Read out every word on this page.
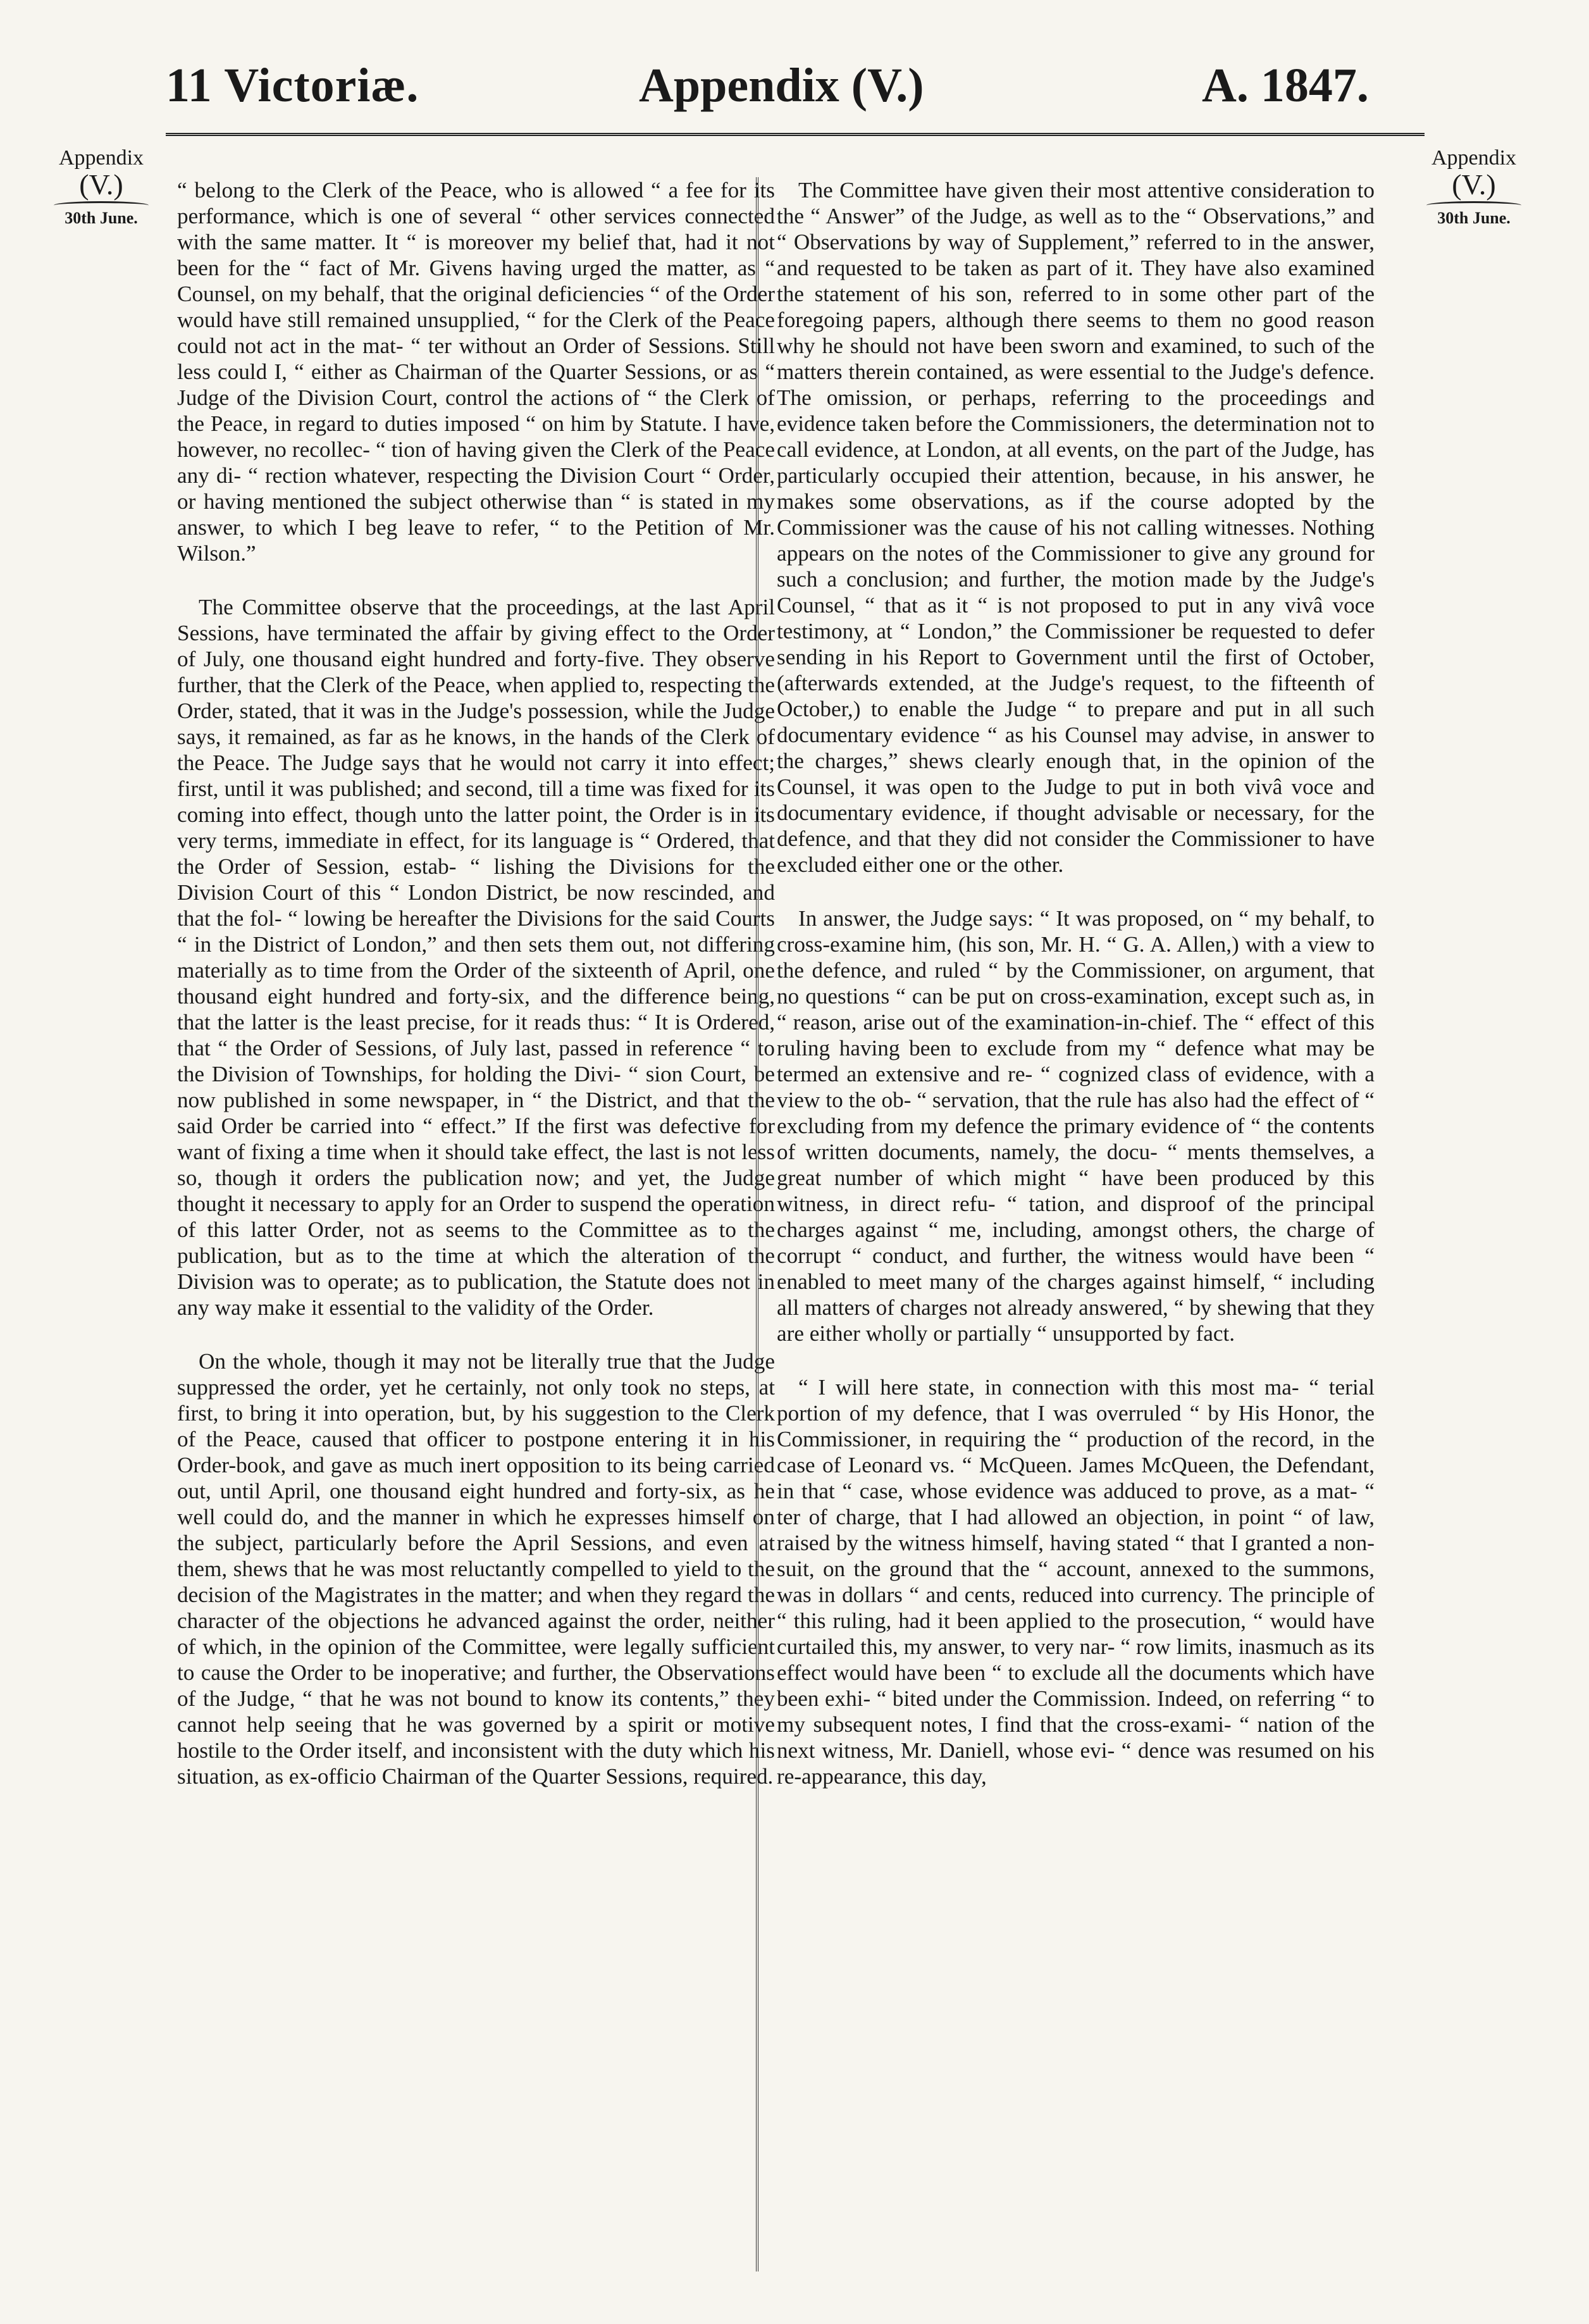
11 Victoriæ.	Appendix (V.)	A. 1847.
Appendix
(V.)
30th June.
Appendix
(V.)
30th June.

“ belong to the Clerk of the Peace, who is allowed “ a fee for its performance, which is one of several “ other services connected with the same matter. It “ is moreover my belief that, had it not been for the “ fact of Mr. Givens having urged the matter, as “ Counsel, on my behalf, that the original deficiencies “ of the Order would have still remained unsupplied, “ for the Clerk of the Peace could not act in the mat- “ ter without an Order of Sessions. Still less could I, “ either as Chairman of the Quarter Sessions, or as “ Judge of the Division Court, control the actions of “ the Clerk of the Peace, in regard to duties imposed “ on him by Statute. I have, however, no recollec- “ tion of having given the Clerk of the Peace any di- “ rection whatever, respecting the Division Court “ Order, or having mentioned the subject otherwise than “ is stated in my answer, to which I beg leave to refer, “ to the Petition of Mr. Wilson.”

The Committee observe that the proceedings, at the last April Sessions, have terminated the affair by giving effect to the Order of July, one thousand eight hundred and forty-five. They observe further, that the Clerk of the Peace, when applied to, respecting the Order, stated, that it was in the Judge's possession, while the Judge says, it remained, as far as he knows, in the hands of the Clerk of the Peace. The Judge says that he would not carry it into effect; first, until it was published; and second, till a time was fixed for its coming into effect, though unto the latter point, the Order is in its very terms, immediate in effect, for its language is “ Ordered, that the Order of Session, estab- “ lishing the Divisions for the Division Court of this “ London District, be now rescinded, and that the fol- “ lowing be hereafter the Divisions for the said Courts “ in the District of London,” and then sets them out, not differing materially as to time from the Order of the sixteenth of April, one thousand eight hundred and forty-six, and the difference being, that the latter is the least precise, for it reads thus: “ It is Ordered, that “ the Order of Sessions, of July last, passed in reference “ to the Division of Townships, for holding the Divi- “ sion Court, be now published in some newspaper, in “ the District, and that the said Order be carried into “ effect.” If the first was defective for want of fixing a time when it should take effect, the last is not less so, though it orders the publication now; and yet, the Judge thought it necessary to apply for an Order to suspend the operation of this latter Order, not as seems to the Committee as to the publication, but as to the time at which the alteration of the Division was to operate; as to publication, the Statute does not in any way make it essential to the validity of the Order.

On the whole, though it may not be literally true that the Judge suppressed the order, yet he certainly, not only took no steps, at first, to bring it into operation, but, by his suggestion to the Clerk of the Peace, caused that officer to postpone entering it in his Order-book, and gave as much inert opposition to its being carried out, until April, one thousand eight hundred and forty-six, as he well could do, and the manner in which he expresses himself on the subject, particularly before the April Sessions, and even at them, shews that he was most reluctantly compelled to yield to the decision of the Magistrates in the matter; and when they regard the character of the objections he advanced against the order, neither of which, in the opinion of the Committee, were legally sufficient to cause the Order to be inoperative; and further, the Observations of the Judge, “ that he was not bound to know its contents,” they cannot help seeing that he was governed by a spirit or motive hostile to the Order itself, and inconsistent with the duty which his situation, as ex-officio Chairman of the Quarter Sessions, required.

The Committee have given their most attentive consideration to the “ Answer” of the Judge, as well as to the “ Observations,” and “ Observations by way of Supplement,” referred to in the answer, and requested to be taken as part of it. They have also examined the statement of his son, referred to in some other part of the foregoing papers, although there seems to them no good reason why he should not have been sworn and examined, to such of the matters therein contained, as were essential to the Judge's defence. The omission, or perhaps, referring to the proceedings and evidence taken before the Commissioners, the determination not to call evidence, at London, at all events, on the part of the Judge, has particularly occupied their attention, because, in his answer, he makes some observations, as if the course adopted by the Commissioner was the cause of his not calling witnesses. Nothing appears on the notes of the Commissioner to give any ground for such a conclusion; and further, the motion made by the Judge's Counsel, “ that as it “ is not proposed to put in any vivâ voce testimony, at “ London,” the Commissioner be requested to defer sending in his Report to Government until the first of October, (afterwards extended, at the Judge's request, to the fifteenth of October,) to enable the Judge “ to prepare and put in all such documentary evidence “ as his Counsel may advise, in answer to the charges,” shews clearly enough that, in the opinion of the Counsel, it was open to the Judge to put in both vivâ voce and documentary evidence, if thought advisable or necessary, for the defence, and that they did not consider the Commissioner to have excluded either one or the other.

In answer, the Judge says: “ It was proposed, on “ my behalf, to cross-examine him, (his son, Mr. H. “ G. A. Allen,) with a view to the defence, and ruled “ by the Commissioner, on argument, that no questions “ can be put on cross-examination, except such as, in “ reason, arise out of the examination-in-chief. The “ effect of this ruling having been to exclude from my “ defence what may be termed an extensive and re- “ cognized class of evidence, with a view to the ob- “ servation, that the rule has also had the effect of “ excluding from my defence the primary evidence of “ the contents of written documents, namely, the docu- “ ments themselves, a great number of which might “ have been produced by this witness, in direct refu- “ tation, and disproof of the principal charges against “ me, including, amongst others, the charge of corrupt “ conduct, and further, the witness would have been “ enabled to meet many of the charges against himself, “ including all matters of charges not already answered, “ by shewing that they are either wholly or partially “ unsupported by fact.

“ I will here state, in connection with this most ma- “ terial portion of my defence, that I was overruled “ by His Honor, the Commissioner, in requiring the “ production of the record, in the case of Leonard vs. “ McQueen. James McQueen, the Defendant, in that “ case, whose evidence was adduced to prove, as a mat- “ ter of charge, that I had allowed an objection, in point “ of law, raised by the witness himself, having stated “ that I granted a non-suit, on the ground that the “ account, annexed to the summons, was in dollars “ and cents, reduced into currency. The principle of “ this ruling, had it been applied to the prosecution, “ would have curtailed this, my answer, to very nar- “ row limits, inasmuch as its effect would have been “ to exclude all the documents which have been exhi- “ bited under the Commission. Indeed, on referring “ to my subsequent notes, I find that the cross-exami- “ nation of the next witness, Mr. Daniell, whose evi- “ dence was resumed on his re-appearance, this day,
